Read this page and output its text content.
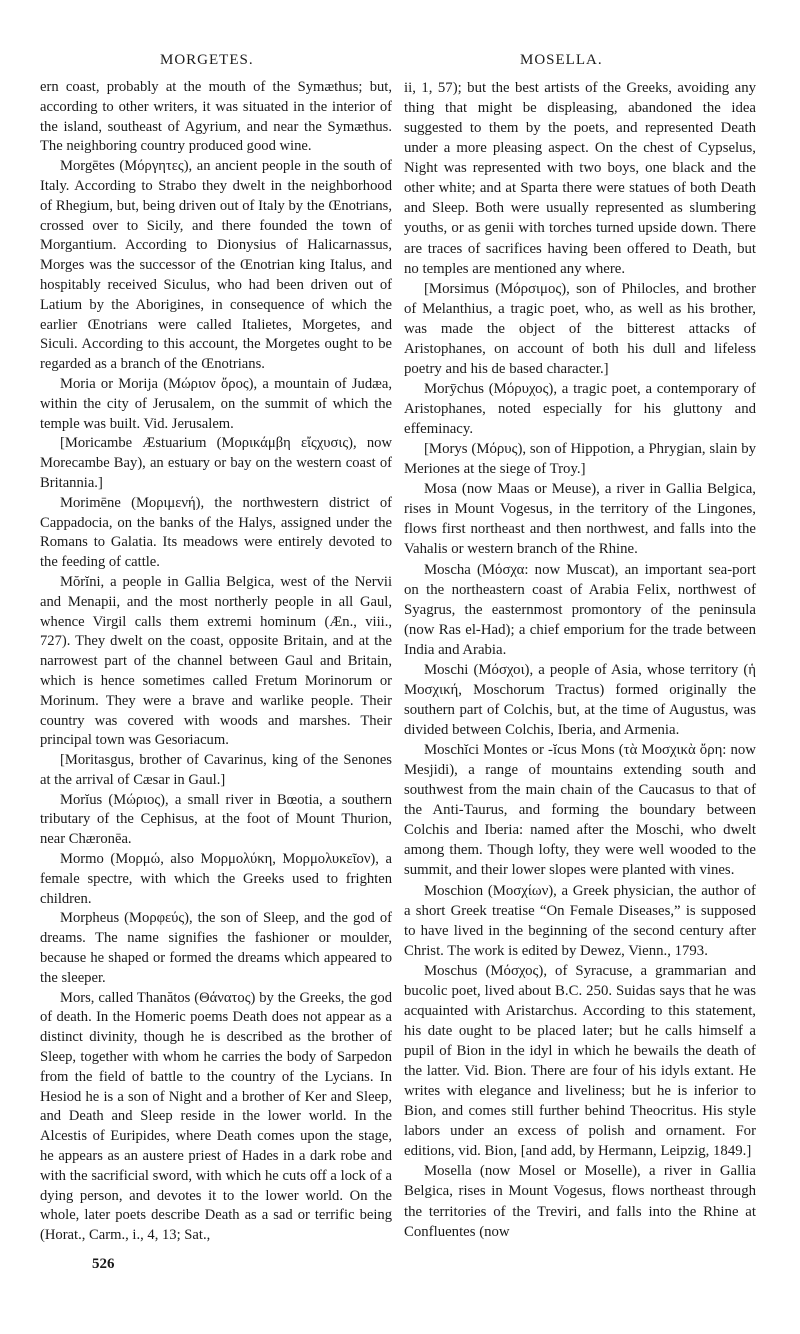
MORGETES.	MOSELLA.

ern coast, probably at the mouth of the Symæthus; but, according to other writers, it was situated in the interior of the island, southeast of Agyrium, and near the Symæthus. The neighboring country produced good wine.

Morgētes (Μόργητες), an ancient people in the south of Italy. According to Strabo they dwelt in the neighborhood of Rhegium, but, being driven out of Italy by the Œnotrians, crossed over to Sicily, and there founded the town of Morgantium. According to Dionysius of Halicarnassus, Morges was the successor of the Œnotrian king Italus, and hospitably received Siculus, who had been driven out of Latium by the Aborigines, in consequence of which the earlier Œnotrians were called Italietes, Morgetes, and Siculi. According to this account, the Morgetes ought to be regarded as a branch of the Œnotrians.

Moria or Morija (Μώριον ὄρος), a mountain of Judæa, within the city of Jerusalem, on the summit of which the temple was built. Vid. Jerusalem.

[Moricambe Æstuarium (Μορικάμβη εἴςχυσις), now Morecambe Bay), an estuary or bay on the western coast of Britannia.]

Morimēne (Μοριμενή), the northwestern district of Cappadocia, on the banks of the Halys, assigned under the Romans to Galatia. Its meadows were entirely devoted to the feeding of cattle.

Mŏrĭni, a people in Gallia Belgica, west of the Nervii and Menapii, and the most northerly people in all Gaul, whence Virgil calls them extremi hominum (Æn., viii., 727). They dwelt on the coast, opposite Britain, and at the narrowest part of the channel between Gaul and Britain, which is hence sometimes called Fretum Morinorum or Morinum. They were a brave and warlike people. Their country was covered with woods and marshes. Their principal town was Gesoriacum.

[Moritasgus, brother of Cavarinus, king of the Senones at the arrival of Cæsar in Gaul.]

Morĭus (Μώριος), a small river in Bœotia, a southern tributary of the Cephisus, at the foot of Mount Thurion, near Chæronēa.

Mormo (Μορμώ, also Μορμολύκη, Μορμολυκεῖον), a female spectre, with which the Greeks used to frighten children.

Morpheus (Μορφεύς), the son of Sleep, and the god of dreams. The name signifies the fashioner or moulder, because he shaped or formed the dreams which appeared to the sleeper.

Mors, called Thanătos (Θάνατος) by the Greeks, the god of death. In the Homeric poems Death does not appear as a distinct divinity, though he is described as the brother of Sleep, together with whom he carries the body of Sarpedon from the field of battle to the country of the Lycians. In Hesiod he is a son of Night and a brother of Ker and Sleep, and Death and Sleep reside in the lower world. In the Alcestis of Euripides, where Death comes upon the stage, he appears as an austere priest of Hades in a dark robe and with the sacrificial sword, with which he cuts off a lock of a dying person, and devotes it to the lower world. On the whole, later poets describe Death as a sad or terrific being (Horat., Carm., i., 4, 13; Sat.,

ii, 1, 57); but the best artists of the Greeks, avoiding any thing that might be displeasing, abandoned the idea suggested to them by the poets, and represented Death under a more pleasing aspect. On the chest of Cypselus, Night was represented with two boys, one black and the other white; and at Sparta there were statues of both Death and Sleep. Both were usually represented as slumbering youths, or as genii with torches turned upside down. There are traces of sacrifices having been offered to Death, but no temples are mentioned any where.

[Morsimus (Μόρσιμος), son of Philocles, and brother of Melanthius, a tragic poet, who, as well as his brother, was made the object of the bitterest attacks of Aristophanes, on account of both his dull and lifeless poetry and his de based character.]

Morȳchus (Μόρυχος), a tragic poet, a contemporary of Aristophanes, noted especially for his gluttony and effeminacy.

[Morys (Μόρυς), son of Hippotion, a Phrygian, slain by Meriones at the siege of Troy.]

Mosa (now Maas or Meuse), a river in Gallia Belgica, rises in Mount Vogesus, in the territory of the Lingones, flows first northeast and then northwest, and falls into the Vahalis or western branch of the Rhine.

Moscha (Μόσχα: now Muscat), an important sea-port on the northeastern coast of Arabia Felix, northwest of Syagrus, the easternmost promontory of the peninsula (now Ras el-Had); a chief emporium for the trade between India and Arabia.

Moschi (Μόσχοι), a people of Asia, whose territory (ἡ Μοσχική, Moschorum Tractus) formed originally the southern part of Colchis, but, at the time of Augustus, was divided between Colchis, Iberia, and Armenia.

Moschĭci Montes or -ĭcus Mons (τὰ Μοσχικὰ ὄρη: now Mesjidi), a range of mountains extending south and southwest from the main chain of the Caucasus to that of the Anti-Taurus, and forming the boundary between Colchis and Iberia: named after the Moschi, who dwelt among them. Though lofty, they were well wooded to the summit, and their lower slopes were planted with vines.

Moschion (Μοσχίων), a Greek physician, the author of a short Greek treatise “On Female Diseases,” is supposed to have lived in the beginning of the second century after Christ. The work is edited by Dewez, Vienn., 1793.

Moschus (Μόσχος), of Syracuse, a grammarian and bucolic poet, lived about B.C. 250. Suidas says that he was acquainted with Aristarchus. According to this statement, his date ought to be placed later; but he calls himself a pupil of Bion in the idyl in which he bewails the death of the latter. Vid. Bion. There are four of his idyls extant. He writes with elegance and liveliness; but he is inferior to Bion, and comes still further behind Theocritus. His style labors under an excess of polish and ornament. For editions, vid. Bion, [and add, by Hermann, Leipzig, 1849.]

Mosella (now Mosel or Moselle), a river in Gallia Belgica, rises in Mount Vogesus, flows northeast through the territories of the Treviri, and falls into the Rhine at Confluentes (now

526
